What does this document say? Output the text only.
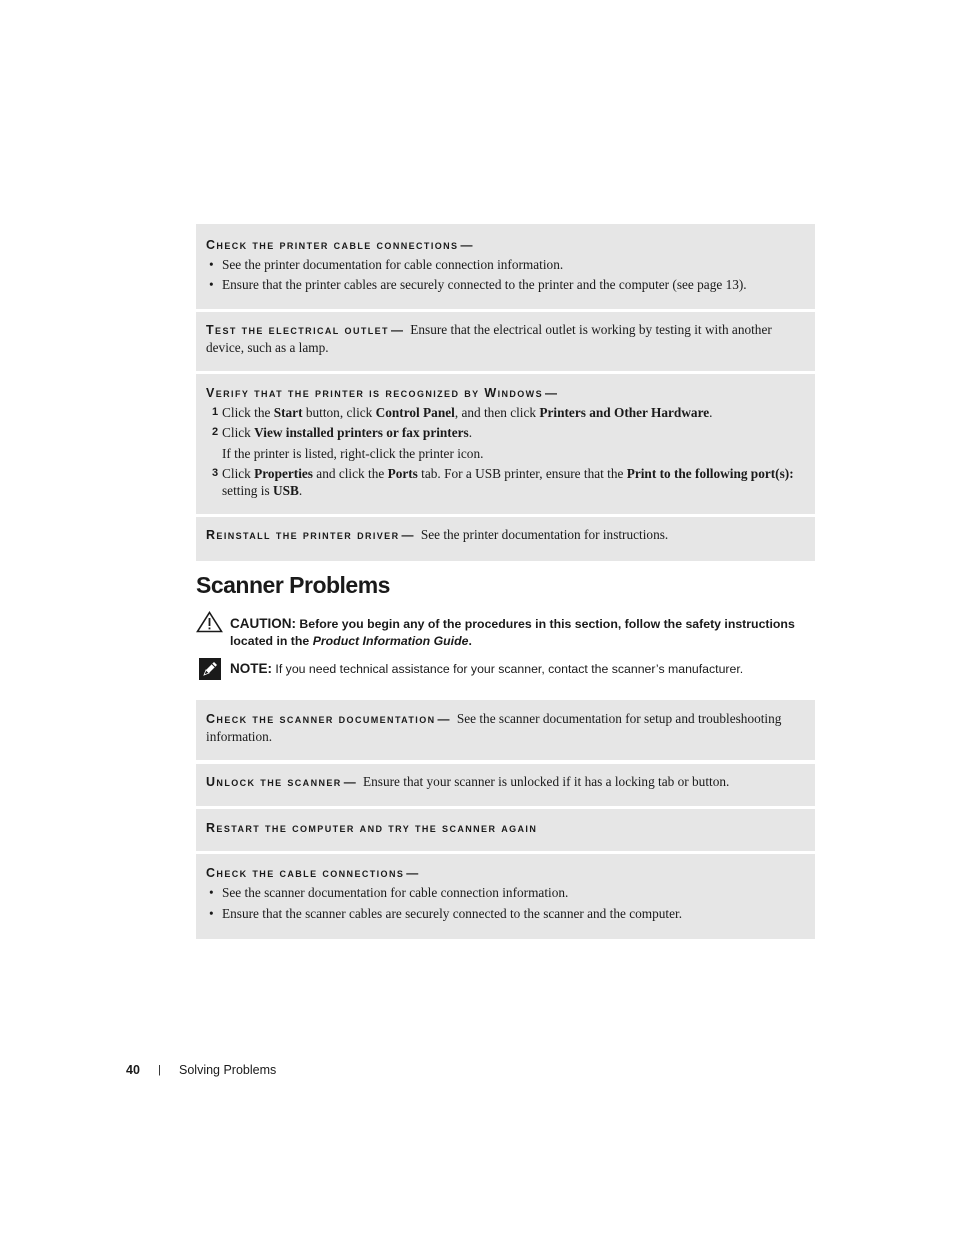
Check the printer cable connections —
• See the printer documentation for cable connection information.
• Ensure that the printer cables are securely connected to the printer and the computer (see page 13).
Test the electrical outlet — Ensure that the electrical outlet is working by testing it with another device, such as a lamp.
Verify that the printer is recognized by Windows —
1 Click the Start button, click Control Panel, and then click Printers and Other Hardware.
2 Click View installed printers or fax printers.
If the printer is listed, right-click the printer icon.
3 Click Properties and click the Ports tab. For a USB printer, ensure that the Print to the following port(s): setting is USB.
Reinstall the printer driver — See the printer documentation for instructions.
Scanner Problems
CAUTION: Before you begin any of the procedures in this section, follow the safety instructions located in the Product Information Guide.
NOTE: If you need technical assistance for your scanner, contact the scanner’s manufacturer.
Check the scanner documentation — See the scanner documentation for setup and troubleshooting information.
Unlock the scanner — Ensure that your scanner is unlocked if it has a locking tab or button.
Restart the computer and try the scanner again
Check the cable connections —
• See the scanner documentation for cable connection information.
• Ensure that the scanner cables are securely connected to the scanner and the computer.
40 | Solving Problems
